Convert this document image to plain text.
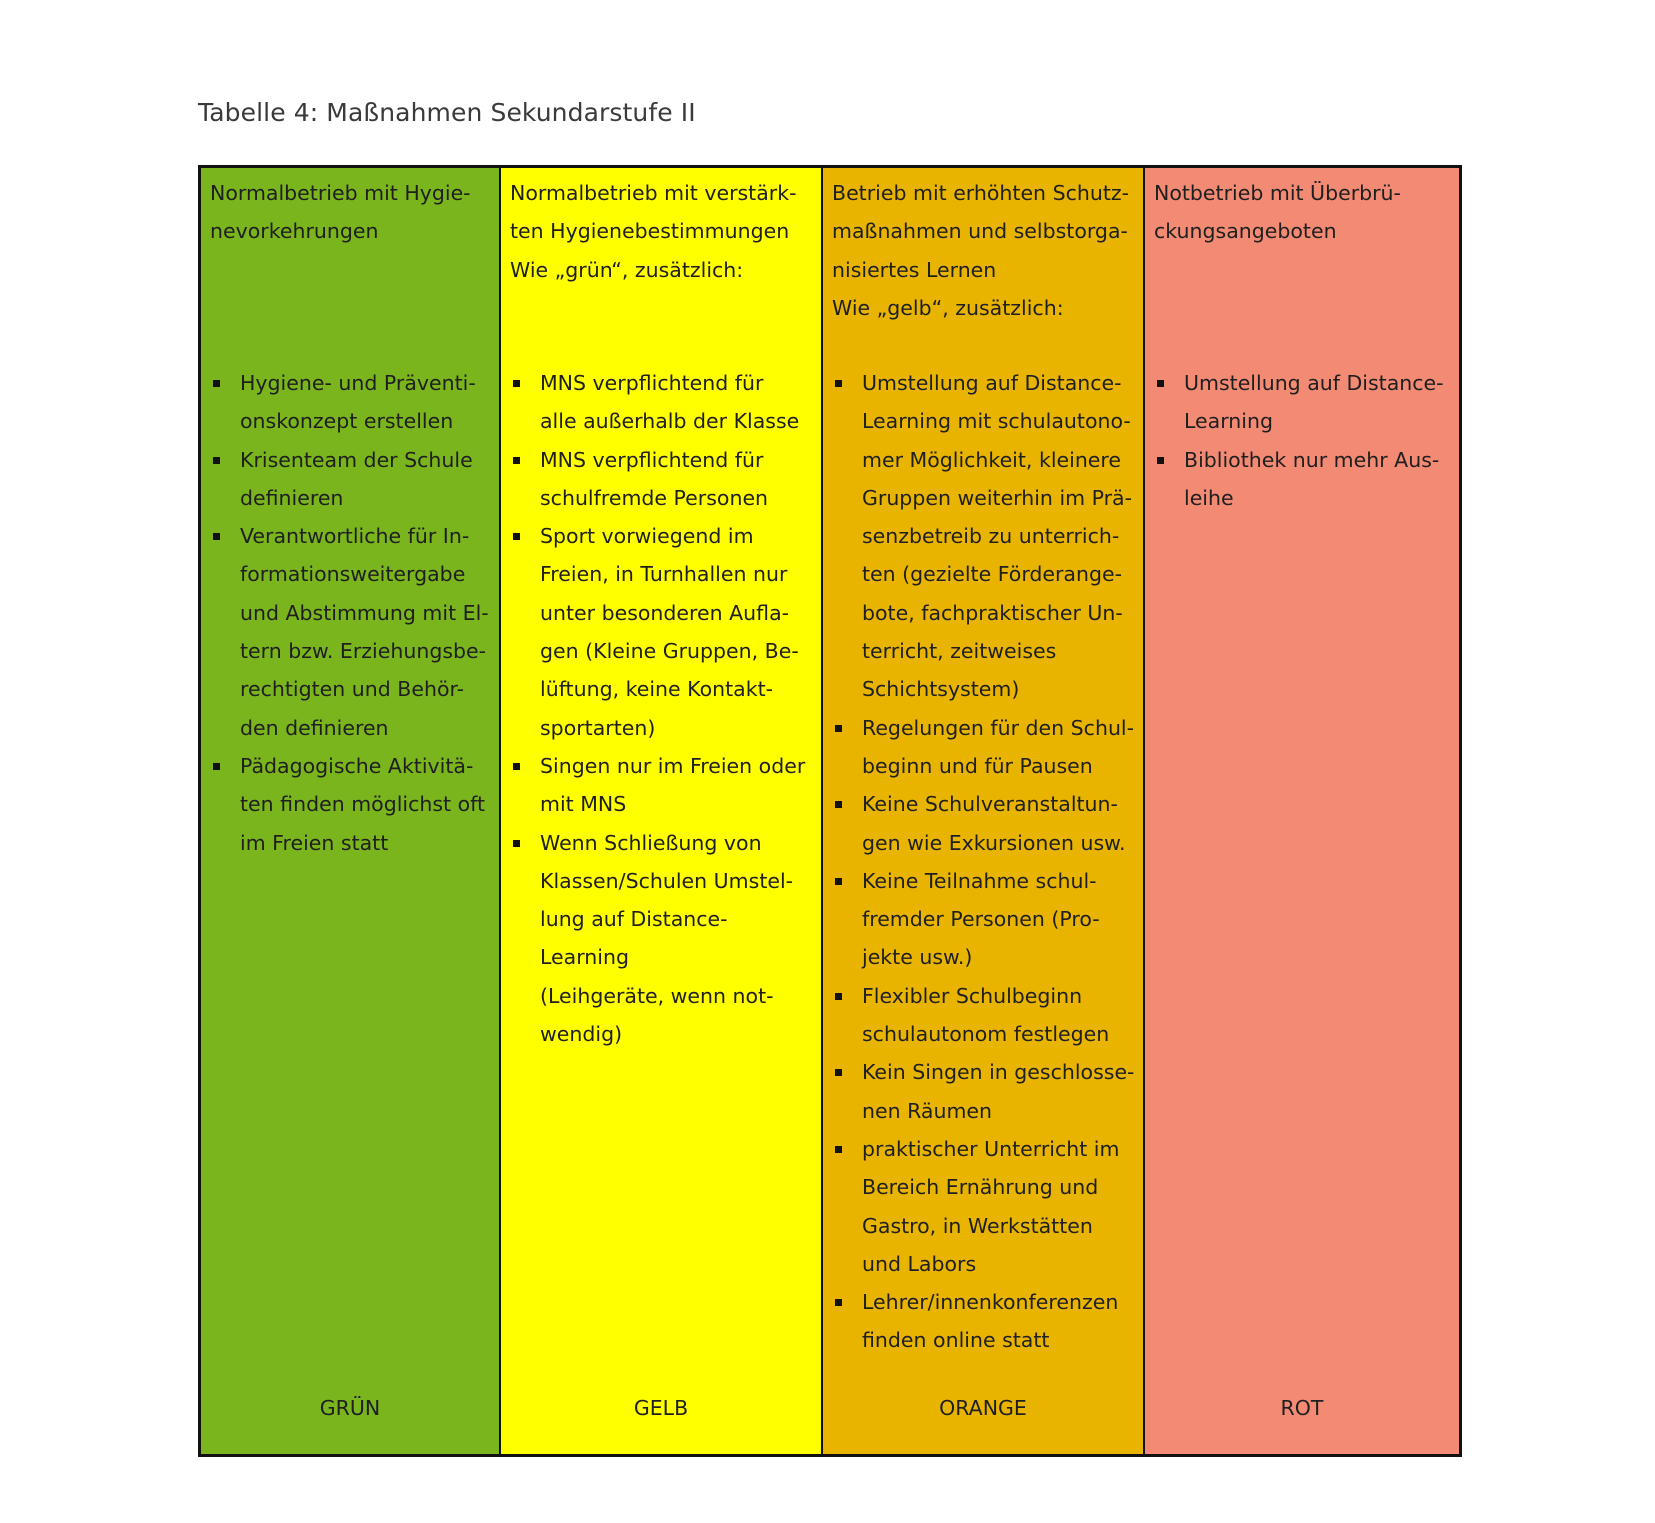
Tabelle 4: Maßnahmen Sekundarstufe II
Normalbetrieb mit Hygie-
nevorkehrungen
Hygiene- und Präventi-
onskonzept erstellen
Krisenteam der Schule
definieren
Verantwortliche für In-
formationsweitergabe
und Abstimmung mit El-
tern bzw. Erziehungsbe-
rechtigten und Behör-
den definieren
Pädagogische Aktivitä-
ten finden möglichst oft
im Freien statt
GRÜN
Normalbetrieb mit verstärk-
ten Hygienebestimmungen
Wie „grün“, zusätzlich:
MNS verpflichtend für
alle außerhalb der Klasse
MNS verpflichtend für
schulfremde Personen
Sport vorwiegend im
Freien, in Turnhallen nur
unter besonderen Aufla-
gen (Kleine Gruppen, Be-
lüftung, keine Kontakt-
sportarten)
Singen nur im Freien oder
mit MNS
Wenn Schließung von
Klassen/Schulen Umstel-
lung auf Distance-Learning
(Leihgeräte, wenn not-
wendig)
GELB
Betrieb mit erhöhten Schutz-
maßnahmen und selbstorga-
nisiertes Lernen
Wie „gelb“, zusätzlich:
Umstellung auf Distance-
Learning mit schulautono-
mer Möglichkeit, kleinere
Gruppen weiterhin im Prä-
senzbetreib zu unterrich-
ten (gezielte Förderange-
bote, fachpraktischer Un-
terricht, zeitweises
Schichtsystem)
Regelungen für den Schul-
beginn und für Pausen
Keine Schulveranstaltun-
gen wie Exkursionen usw.
Keine Teilnahme schul-
fremder Personen (Pro-
jekte usw.)
Flexibler Schulbeginn
schulautonom festlegen
Kein Singen in geschlosse-
nen Räumen
praktischer Unterricht im
Bereich Ernährung und
Gastro, in Werkstätten
und Labors
Lehrer/innenkonferenzen
finden online statt
ORANGE
Notbetrieb mit Überbrü-
ckungsangeboten
Umstellung auf Distance-
Learning
Bibliothek nur mehr Aus-
leihe
ROT
